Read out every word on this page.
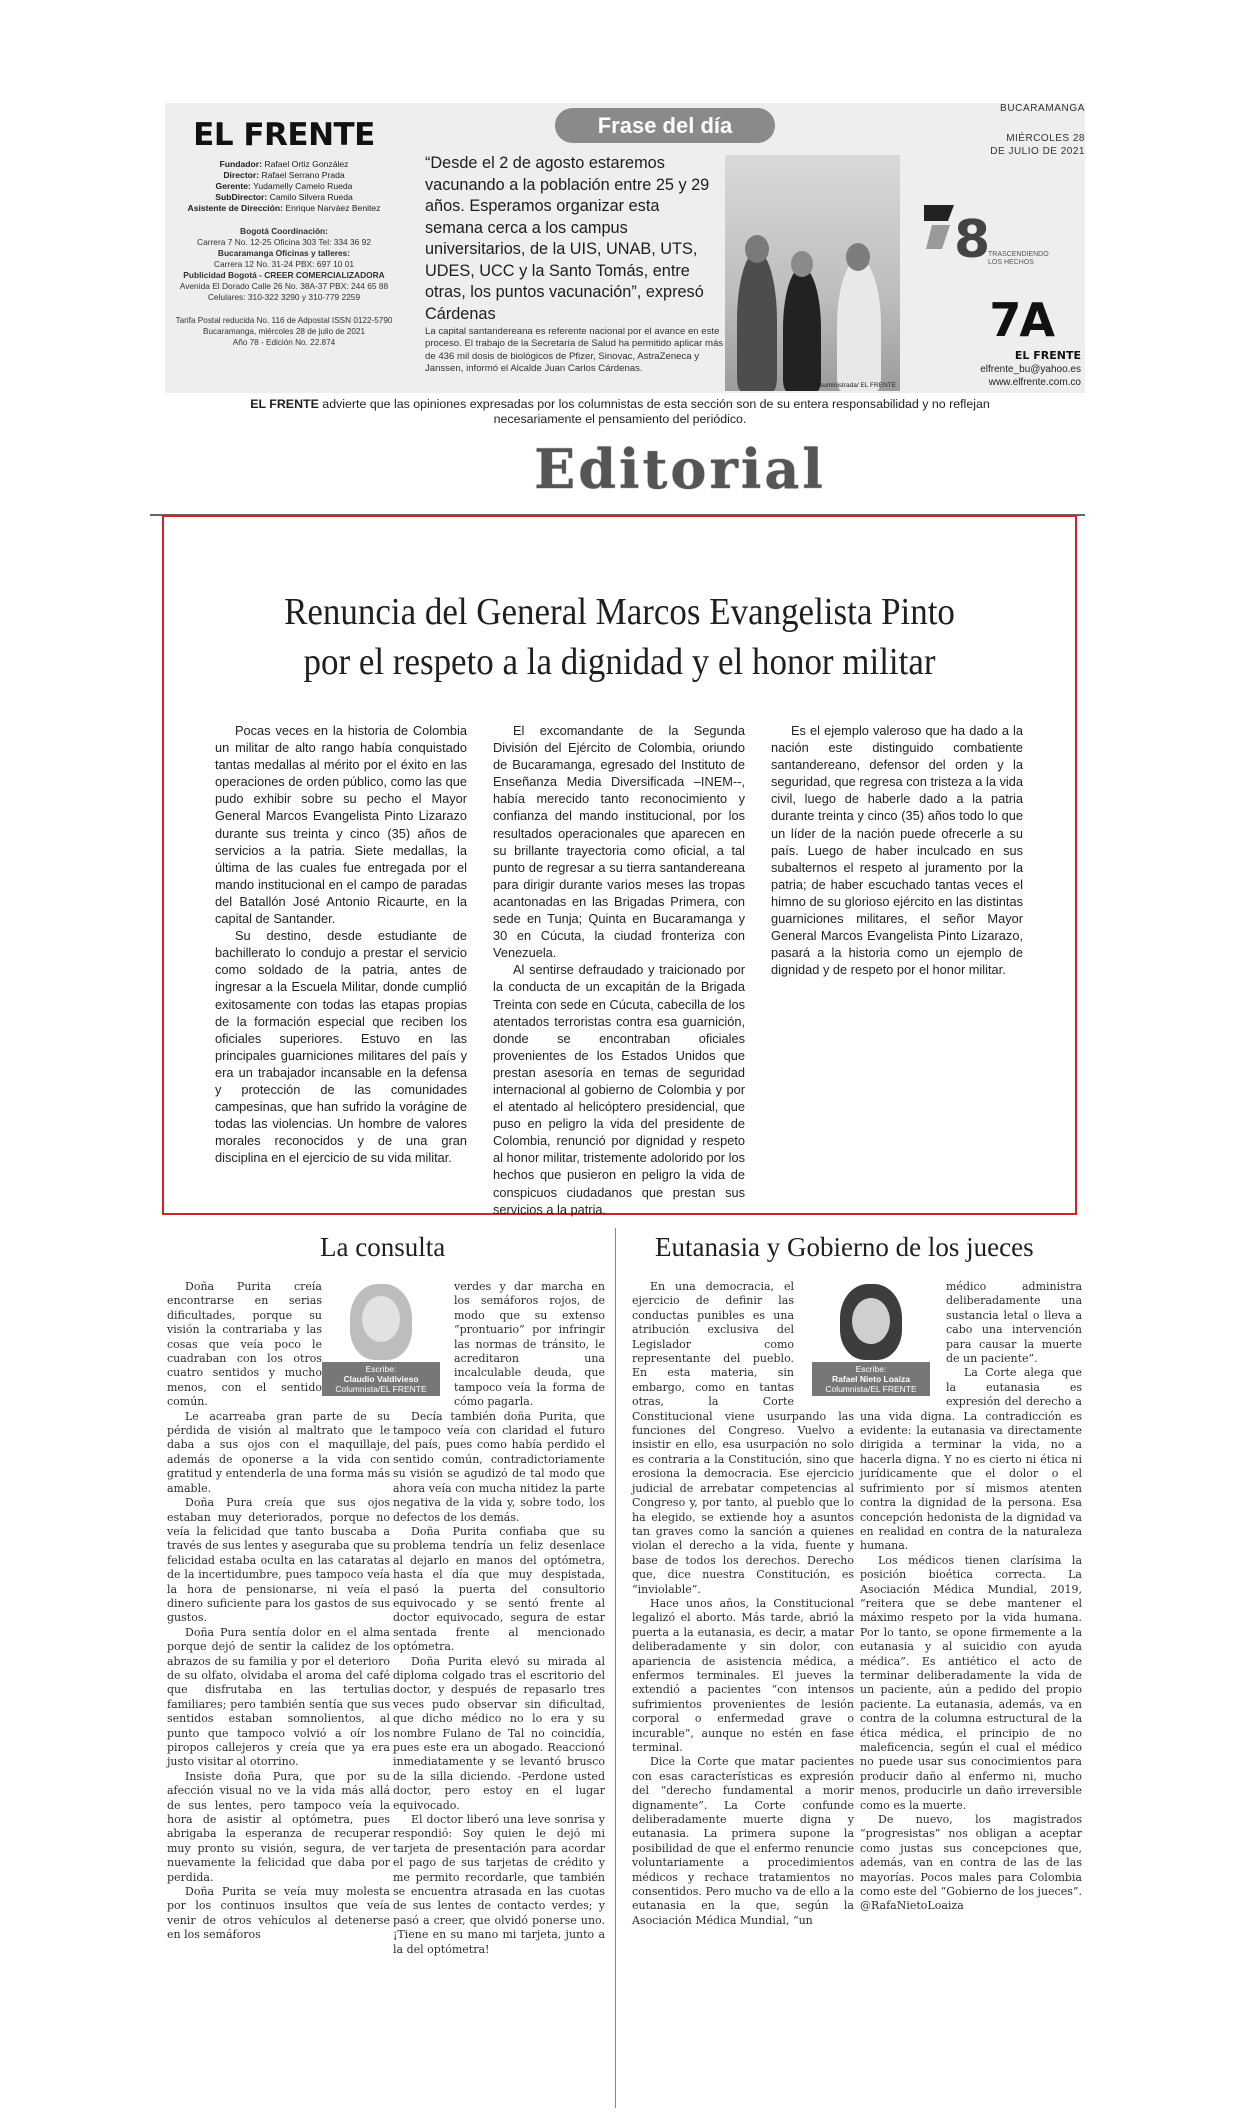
EL FRENTE
Fundador: Rafael Ortiz González
Director: Rafael Serrano Prada
Gerente: Yudamelly Camelo Rueda
SubDirector: Camilo Silvera Rueda
Asistente de Dirección: Enrique Narváez Benitez
Bogotá Coordinación:
Carrera 7 No. 12-25 Oficina 303 Tel: 334 36 92
Bucaramanga Oficinas y talleres:
Carrera 12 No. 31-24 PBX: 697 10 01
Publicidad Bogotá - CREER COMERCIALIZADORA
Avenida El Dorado Calle 26 No. 38A-37 PBX: 244 65 88
Celulares: 310-322 3290 y 310-779 2259
Tarifa Postal reducida No. 116 de Adpostal ISSN 0122-5790
Bucaramanga, miércoles 28 de julio de 2021
Año 78 - Edición No. 22.874
Frase del día
“Desde el 2 de agosto estaremos vacunando a la población entre 25 y 29 años. Esperamos organizar esta semana cerca a los campus universitarios, de la UIS, UNAB, UTS, UDES, UCC y la Santo Tomás, entre otras, los puntos vacunación”, expresó Cárdenas
La capital santandereana es referente nacional por el avance en este proceso. El trabajo de la Secretaría de Salud ha permitido aplicar más de 436 mil dosis de biológicos de Pfizer, Sinovac, AstraZeneca y Janssen, informó el Alcalde Juan Carlos Cárdenas.
Foto suministrada/ EL FRENTE
BUCARAMANGA
MIÉRCOLES 28
DE JULIO DE 2021
8
TRASCENDIENDO
LOS HECHOS
7A
EL FRENTE
elfrente_bu@yahoo.es
www.elfrente.com.co
EL FRENTE advierte que las opiniones expresadas por los columnistas de esta sección son de su entera responsabilidad y no reflejan necesariamente el pensamiento del periódico.
Editorial
Renuncia del General Marcos Evangelista Pinto
por el respeto a la dignidad y el honor militar

Pocas veces en la historia de Colombia un militar de alto rango había conquistado tantas medallas al mérito por el éxito en las operaciones de orden público, como las que pudo exhibir sobre su pecho el Mayor General Marcos Evangelista Pinto Lizarazo durante sus treinta y cinco (35) años de servicios a la patria. Siete medallas, la última de las cuales fue entregada por el mando institucional en el campo de paradas del Batallón José Antonio Ricaurte, en la capital de Santander.

Su destino, desde estudiante de bachillerato lo condujo a prestar el servicio como soldado de la patria, antes de ingresar a la Escuela Militar, donde cumplió exitosamente con todas las etapas propias de la formación especial que reciben los oficiales superiores. Estuvo en las principales guarniciones militares del país y era un trabajador incansable en la defensa y protección de las comunidades campesinas, que han sufrido la vorágine de todas las violencias. Un hombre de valores morales reconocidos y de una gran disciplina en el ejercicio de su vida militar.

El excomandante de la Segunda División del Ejército de Colombia, oriundo de Bucaramanga, egresado del Instituto de Enseñanza Media Diversificada –INEM--, había merecido tanto reconocimiento y confianza del mando institucional, por los resultados operacionales que aparecen en su brillante trayectoria como oficial, a tal punto de regresar a su tierra santandereana para dirigir durante varios meses las tropas acantonadas en las Brigadas Primera, con sede en Tunja; Quinta en Bucaramanga y 30 en Cúcuta, la ciudad fronteriza con Venezuela.

Al sentirse defraudado y traicionado por la conducta de un excapitán de la Brigada Treinta con sede en Cúcuta, cabecilla de los atentados terroristas contra esa guarnición, donde se encontraban oficiales provenientes de los Estados Unidos que prestan asesoría en temas de seguridad internacional al gobierno de Colombia y por el atentado al helicóptero presidencial, que puso en peligro la vida del presidente de Colombia, renunció por dignidad y respeto al honor militar, tristemente adolorido por los hechos que pusieron en peligro la vida de conspicuos ciudadanos que prestan sus servicios a la patria.

Es el ejemplo valeroso que ha dado a la nación este distinguido combatiente santandereano, defensor del orden y la seguridad, que regresa con tristeza a la vida civil, luego de haberle dado a la patria durante treinta y cinco (35) años todo lo que un líder de la nación puede ofrecerle a su país. Luego de haber inculcado en sus subalternos el respeto al juramento por la patria; de haber escuchado tantas veces el himno de su glorioso ejército en las distintas guarniciones militares, el señor Mayor General Marcos Evangelista Pinto Lizarazo, pasará a la historia como un ejemplo de dignidad y de respeto por el honor militar.

La consulta
Escribe:
Claudio Valdivieso
Columnista/EL FRENTE

Doña Purita creía encontrarse en serias dificultades, porque su visión la contrariaba y las cosas que veía poco le cuadraban con los otros cuatro sentidos y mucho menos, con el sentido común.

Le acarreaba gran parte de su pérdida de visión al maltrato que le daba a sus ojos con el maquillaje, además de oponerse a la vida con gratitud y entenderla de una forma más amable.

Doña Pura creía que sus ojos estaban muy deteriorados, porque no veía la felicidad que tanto buscaba a través de sus lentes y aseguraba que su felicidad estaba oculta en las cataratas de la incertidumbre, pues tampoco veía la hora de pensionarse, ni veía el dinero suficiente para los gastos de sus gustos.

Doña Pura sentía dolor en el alma porque dejó de sentir la calidez de los abrazos de su familia y por el deterioro de su olfato, olvidaba el aroma del café que disfrutaba en las tertulias familiares; pero también sentía que sus sentidos estaban somnolientos, al punto que tampoco volvió a oír los piropos callejeros y creía que ya era justo visitar al otorrino.

Insiste doña Pura, que por su afección visual no ve la vida más allá de sus lentes, pero tampoco veía la hora de asistir al optómetra, pues abrigaba la esperanza de recuperar muy pronto su visión, segura, de ver nuevamente la felicidad que daba por perdida.

Doña Purita se veía muy molesta por los continuos insultos que veía venir de otros vehículos al detenerse en los semáforos

verdes y dar marcha en los semáforos rojos, de modo que su extenso “prontuario” por infringir las normas de tránsito, le acreditaron una incalculable deuda, que tampoco veía la forma de cómo pagarla.

Decía también doña Purita, que tampoco veía con claridad el futuro del país, pues como había perdido el sentido común, contradictoriamente su visión se agudizó de tal modo que ahora veía con mucha nitidez la parte negativa de la vida y, sobre todo, los defectos de los demás.

Doña Purita confiaba que su problema tendría un feliz desenlace al dejarlo en manos del optómetra, hasta el día que muy despistada, pasó la puerta del consultorio equivocado y se sentó frente al doctor equivocado, segura de estar sentada frente al mencionado optómetra.

Doña Purita elevó su mirada al diploma colgado tras el escritorio del doctor, y después de repasarlo tres veces pudo observar sin dificultad, que dicho médico no lo era y su nombre Fulano de Tal no coincidía, pues este era un abogado. Reaccionó inmediatamente y se levantó brusco de la silla diciendo. -Perdone usted doctor, pero estoy en el lugar equivocado.

El doctor liberó una leve sonrisa y respondió: Soy quien le dejó mi tarjeta de presentación para acordar el pago de sus tarjetas de crédito y me permito recordarle, que también se encuentra atrasada en las cuotas de sus lentes de contacto verdes; y pasó a creer, que olvidó ponerse uno. ¡Tiene en su mano mi tarjeta, junto a la del optómetra!

Eutanasia y Gobierno de los jueces
Escribe:
Rafael Nieto Loaiza
Columnista/EL FRENTE

En una democracia, el ejercicio de definir las conductas punibles es una atribución exclusiva del Legislador como representante del pueblo. En esta materia, sin embargo, como en tantas otras, la Corte Constitucional viene usurpando las funciones del Congreso. Vuelvo a insistir en ello, esa usurpación no solo es contraria a la Constitución, sino que erosiona la democracia. Ese ejercicio judicial de arrebatar competencias al Congreso y, por tanto, al pueblo que lo ha elegido, se extiende hoy a asuntos tan graves como la sanción a quienes violan el derecho a la vida, fuente y base de todos los derechos. Derecho que, dice nuestra Constitución, es “inviolable”.

Hace unos años, la Constitucional legalizó el aborto. Más tarde, abrió la puerta a la eutanasia, es decir, a matar deliberadamente y sin dolor, con apariencia de asistencia médica, a enfermos terminales. El jueves la extendió a pacientes “con intensos sufrimientos provenientes de lesión corporal o enfermedad grave o incurable”, aunque no estén en fase terminal.

Dice la Corte que matar pacientes con esas características es expresión del “derecho fundamental a morir dignamente”. La Corte confunde deliberadamente muerte digna y eutanasia. La primera supone la posibilidad de que el enfermo renuncie voluntariamente a procedimientos médicos y rechace tratamientos no consentidos. Pero mucho va de ello a la eutanasia en la que, según la Asociación Médica Mundial, “un

médico administra deliberadamente una sustancia letal o lleva a cabo una intervención para causar la muerte de un paciente”.

La Corte alega que la eutanasia es expresión del derecho a una vida digna. La contradicción es evidente: la eutanasia va directamente dirigida a terminar la vida, no a hacerla digna. Y no es cierto ni ética ni jurídicamente que el dolor o el sufrimiento por sí mismos atenten contra la dignidad de la persona. Esa concepción hedonista de la dignidad va en realidad en contra de la naturaleza humana.

Los médicos tienen clarísima la posición bioética correcta. La Asociación Médica Mundial, 2019, “reitera que se debe mantener el máximo respeto por la vida humana. Por lo tanto, se opone firmemente a la eutanasia y al suicidio con ayuda médica”. Es antiético el acto de terminar deliberadamente la vida de un paciente, aún a pedido del propio paciente. La eutanasia, además, va en contra de la columna estructural de la ética médica, el principio de no maleficencia, según el cual el médico no puede usar sus conocimientos para producir daño al enfermo ni, mucho menos, producirle un daño irreversible como es la muerte.

De nuevo, los magistrados “progresistas” nos obligan a aceptar como justas sus concepciones que, además, van en contra de las de las mayorías. Pocos males para Colombia como este del “Gobierno de los jueces”. @RafaNietoLoaiza
